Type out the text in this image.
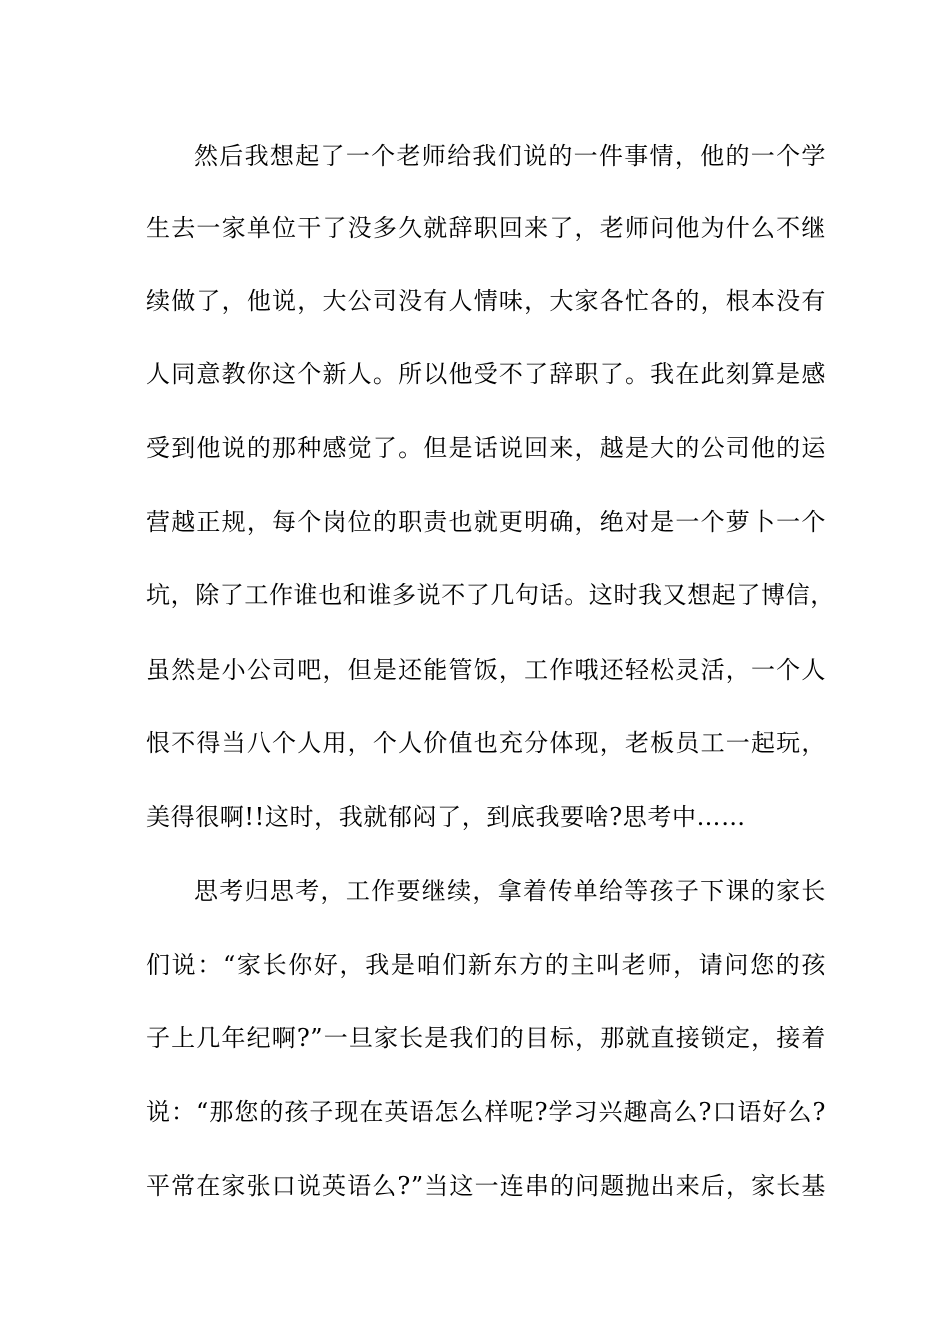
然后我想起了一个老师给我们说的一件事情，他的一个学
生去一家单位干了没多久就辞职回来了，老师问他为什么不继
续做了，他说，大公司没有人情味，大家各忙各的，根本没有
人同意教你这个新人。所以他受不了辞职了。我在此刻算是感
受到他说的那种感觉了。但是话说回来，越是大的公司他的运
营越正规，每个岗位的职责也就更明确，绝对是一个萝卜一个
坑，除了工作谁也和谁多说不了几句话。这时我又想起了博信，
虽然是小公司吧，但是还能管饭，工作哦还轻松灵活，一个人
恨不得当八个人用，个人价值也充分体现，老板员工一起玩，
美得很啊!!这时，我就郁闷了，到底我要啥?思考中……
思考归思考，工作要继续，拿着传单给等孩子下课的家长
们说：“家长你好，我是咱们新东方的主叫老师，请问您的孩
子上几年纪啊?”一旦家长是我们的目标，那就直接锁定，接着
说：“那您的孩子现在英语怎么样呢?学习兴趣高么?口语好么?
平常在家张口说英语么?”当这一连串的问题抛出来后，家长基
